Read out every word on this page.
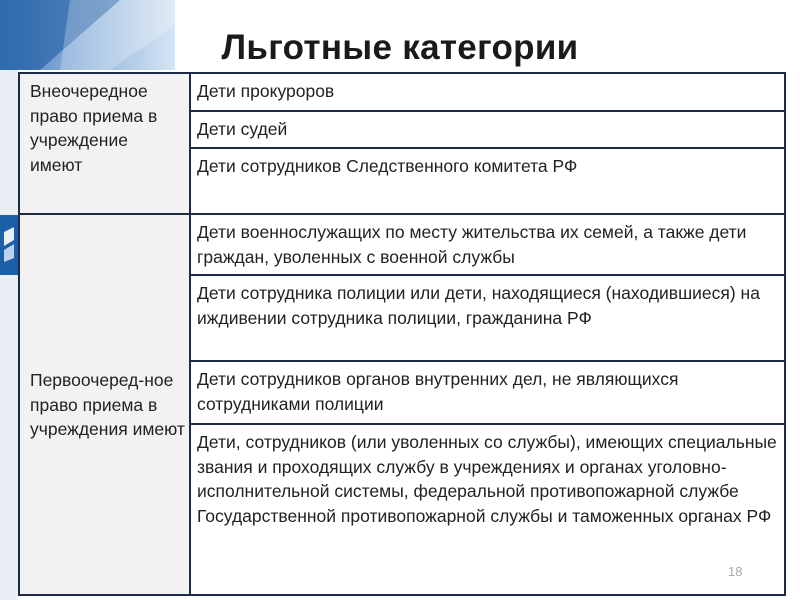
Льготные категории
Внеочередное право приема в учреждение имеют	Дети прокуроров
	Дети судей
	Дети сотрудников Следственного комитета РФ
Первоочеред-ное право приема в учреждения имеют	Дети военнослужащих по месту жительства их семей, а также дети граждан, уволенных с военной службы
	Дети сотрудника полиции или дети, находящиеся (находившиеся) на иждивении сотрудника полиции, гражданина РФ
	Дети сотрудников органов внутренних дел, не являющихся сотрудниками полиции
	Дети, сотрудников (или уволенных со службы), имеющих специальные звания и проходящих службу в учреждениях и органах уголовно-исполнительной системы, федеральной противопожарной службе Государственной противопожарной службы и таможенных органах РФ
18
